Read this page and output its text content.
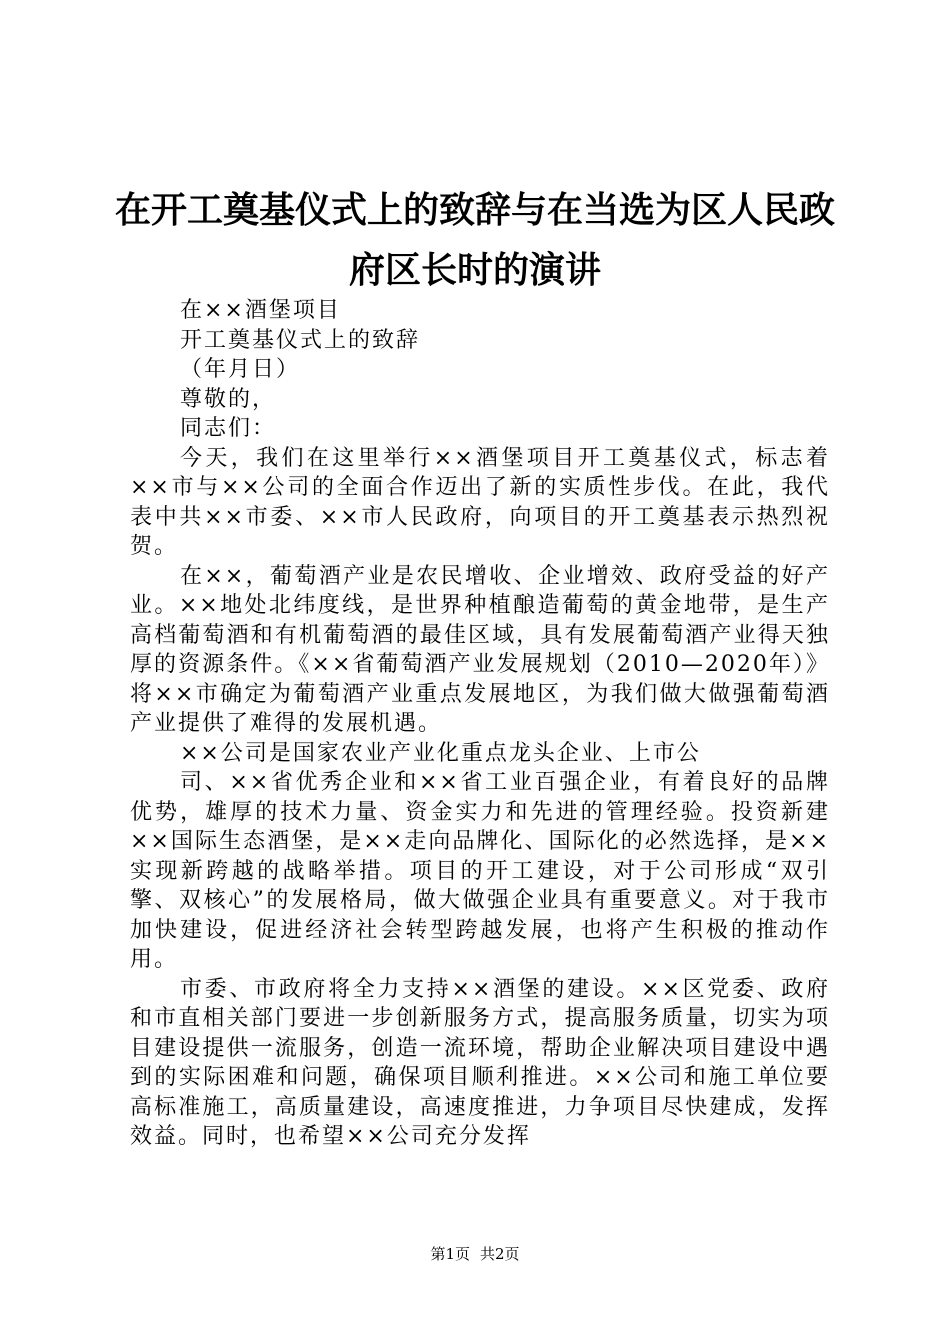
在开工奠基仪式上的致辞与在当选为区人民政府区长时的演讲

在××酒堡项目

开工奠基仪式上的致辞

（年月日）

尊敬的，

同志们：

今天，我们在这里举行××酒堡项目开工奠基仪式，标志着××市与××公司的全面合作迈出了新的实质性步伐。在此，我代表中共××市委、××市人民政府，向项目的开工奠基表示热烈祝贺。

在××，葡萄酒产业是农民增收、企业增效、政府受益的好产业。××地处北纬度线，是世界种植酿造葡萄的黄金地带，是生产高档葡萄酒和有机葡萄酒的最佳区域，具有发展葡萄酒产业得天独厚的资源条件。《××省葡萄酒产业发展规划（2010—2020年）》将××市确定为葡萄酒产业重点发展地区，为我们做大做强葡萄酒产业提供了难得的发展机遇。

××公司是国家农业产业化重点龙头企业、上市公

司、××省优秀企业和××省工业百强企业，有着良好的品牌优势，雄厚的技术力量、资金实力和先进的管理经验。投资新建××国际生态酒堡，是××走向品牌化、国际化的必然选择，是××实现新跨越的战略举措。项目的开工建设，对于公司形成“双引擎、双核心”的发展格局，做大做强企业具有重要意义。对于我市加快建设，促进经济社会转型跨越发展，也将产生积极的推动作用。

市委、市政府将全力支持××酒堡的建设。××区党委、政府和市直相关部门要进一步创新服务方式，提高服务质量，切实为项目建设提供一流服务，创造一流环境，帮助企业解决项目建设中遇到的实际困难和问题，确保项目顺利推进。××公司和施工单位要高标准施工，高质量建设，高速度推进，力争项目尽快建成，发挥效益。同时，也希望××公司充分发挥

第1页 共2页
